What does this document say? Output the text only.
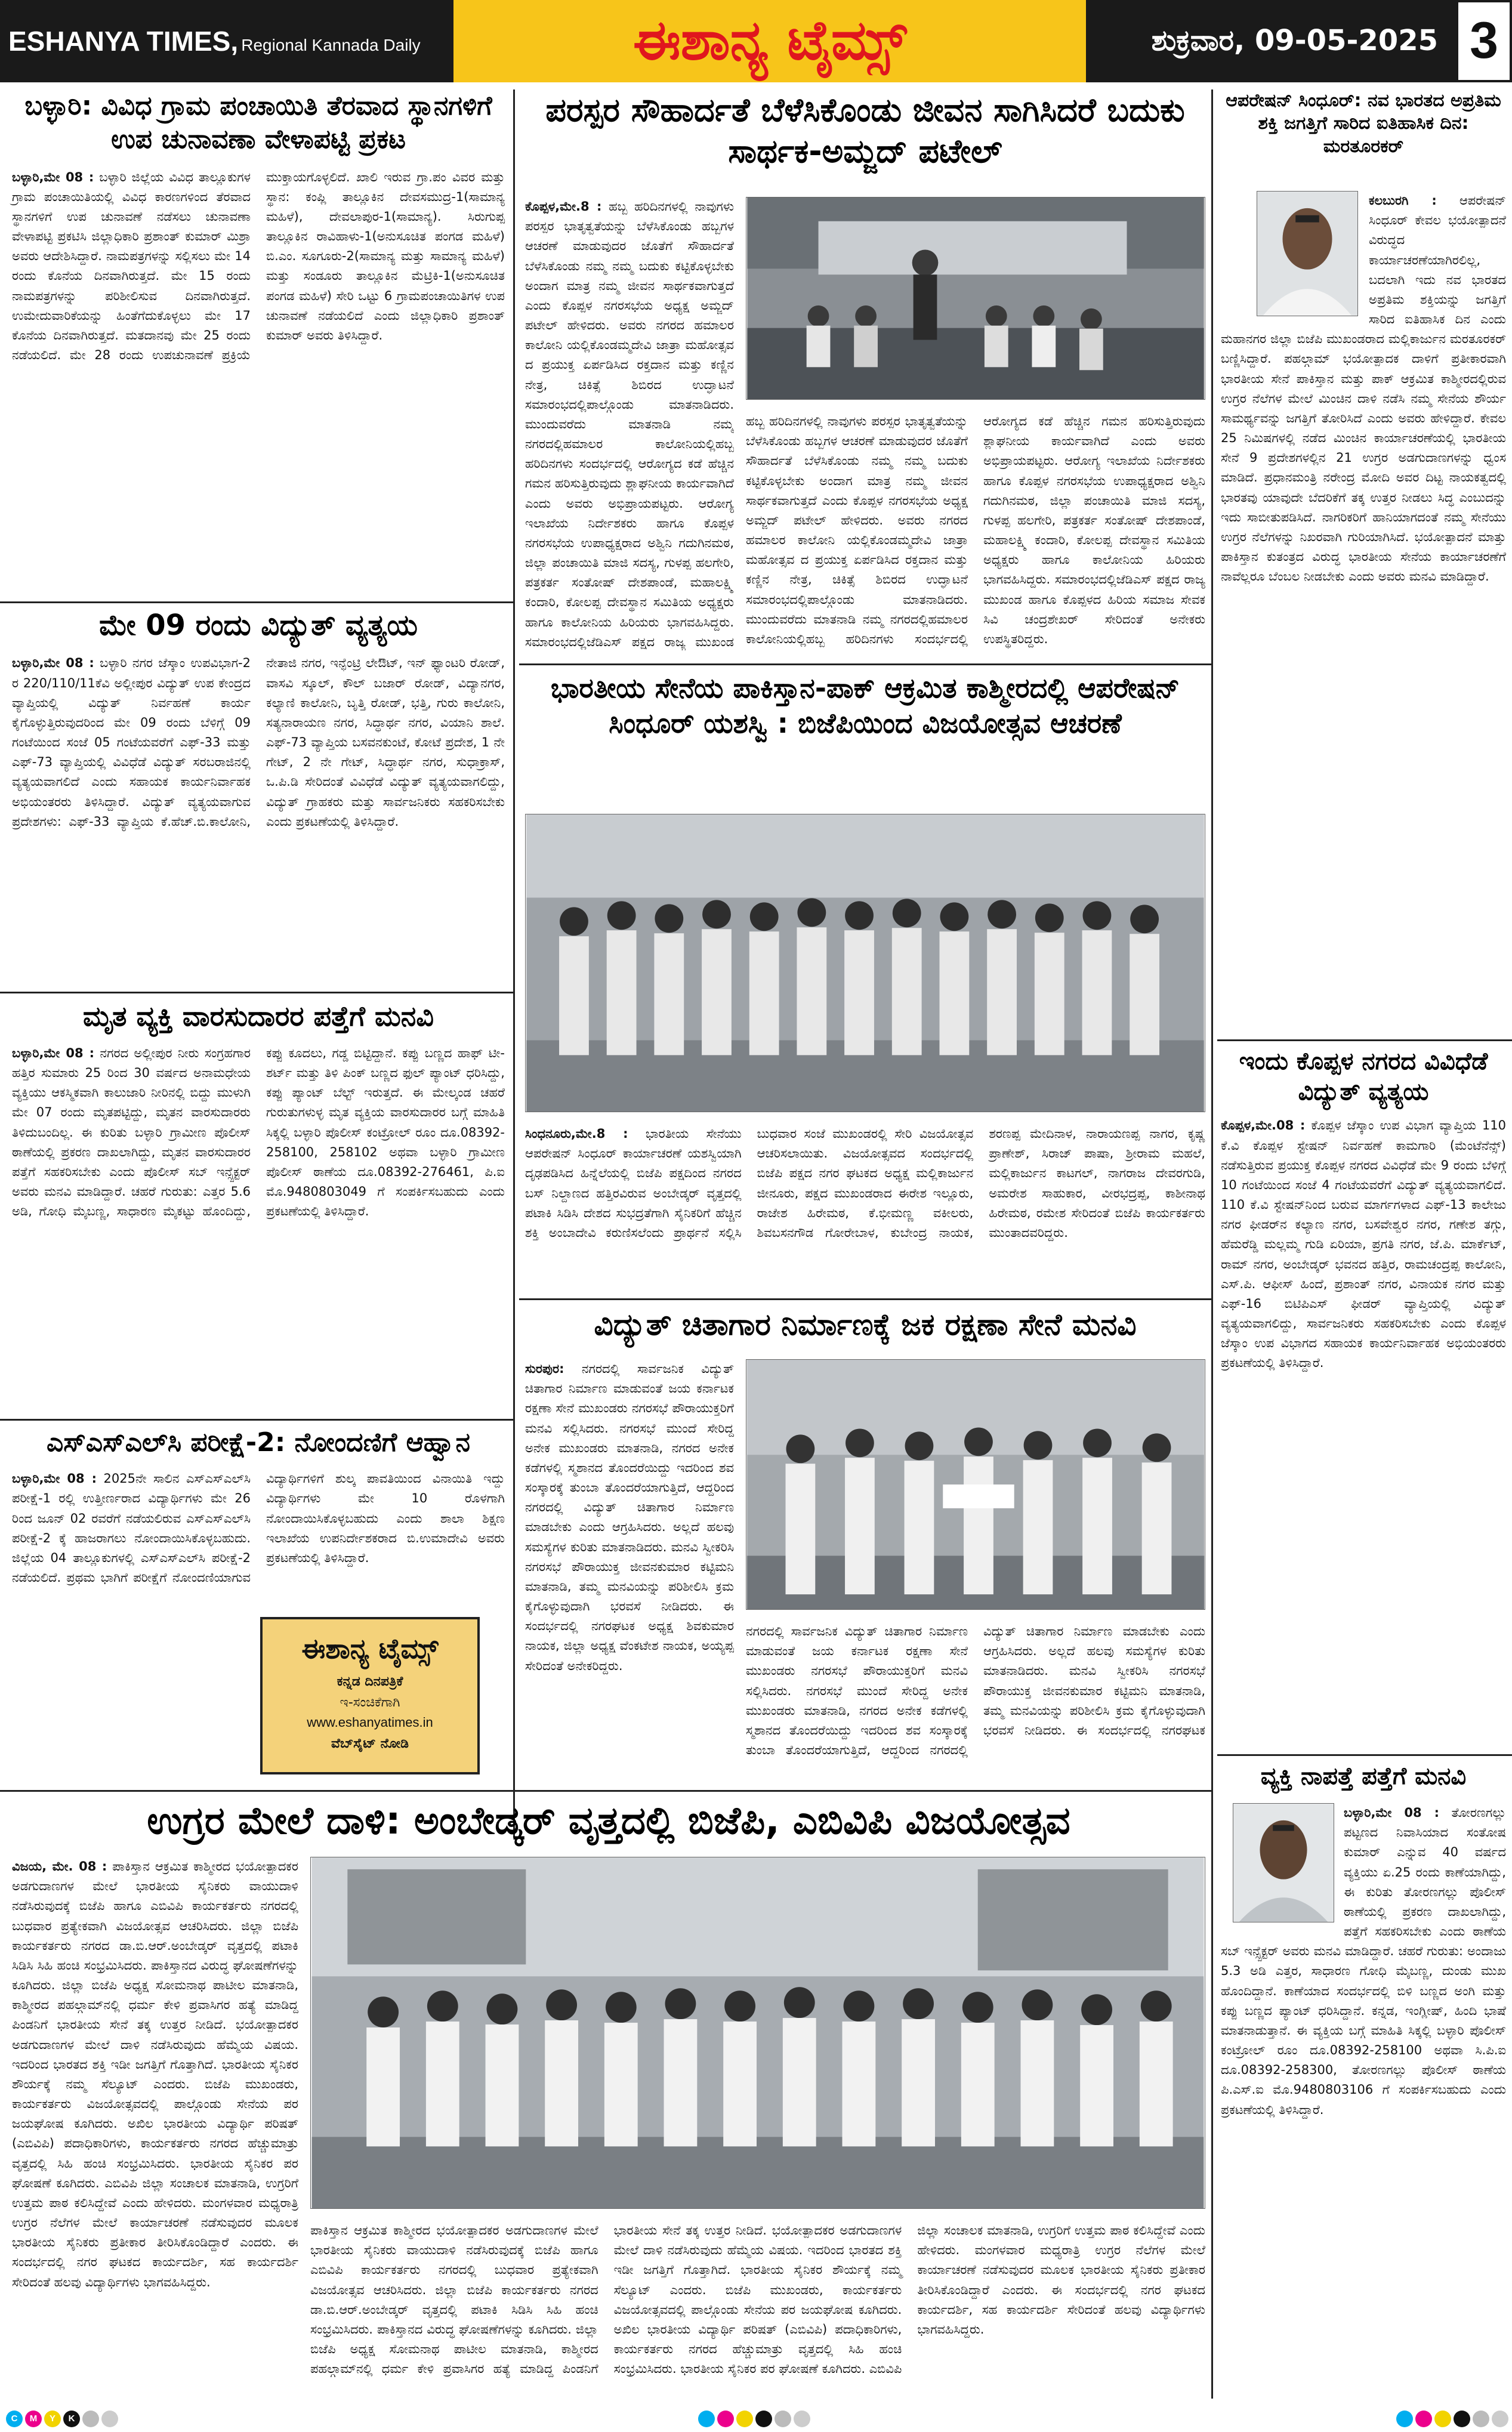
ESHANYA TIMES, Regional Kannada Daily	ಈಶಾನ್ಯ ಟೈಮ್ಸ್	ಶುಕ್ರವಾರ, 09-05-2025 3
ಬಳ್ಳಾರಿ: ವಿವಿಧ ಗ್ರಾಮ ಪಂಚಾಯಿತಿ ತೆರವಾದ ಸ್ಥಾನಗಳಿಗೆ ಉಪ ಚುನಾವಣಾ ವೇಳಾಪಟ್ಟಿ ಪ್ರಕಟ
ಬಳ್ಳಾರಿ,ಮೇ 08 : ಬಳ್ಳಾರಿ ಜಿಲ್ಲೆಯ ವಿವಿಧ ತಾಲ್ಲೂಕುಗಳ ಗ್ರಾಮ ಪಂಚಾಯಿತಿಯಲ್ಲಿ ವಿವಿಧ ಕಾರಣಗಳಿಂದ ತೆರವಾದ ಸ್ಥಾನಗಳಿಗೆ ಉಪ ಚುನಾವಣೆ ನಡೆಸಲು ಚುನಾವಣಾ ವೇಳಾಪಟ್ಟಿ ಪ್ರಕಟಿಸಿ ಜಿಲ್ಲಾಧಿಕಾರಿ ಪ್ರಶಾಂತ್ ಕುಮಾರ್ ಮಿಶ್ರಾ ಅವರು ಆದೇಶಿಸಿದ್ದಾರೆ. ನಾಮಪತ್ರಗಳನ್ನು ಸಲ್ಲಿಸಲು ಮೇ 14 ರಂದು ಕೊನೆಯ ದಿನವಾಗಿರುತ್ತದೆ. ಮೇ 15 ರಂದು ನಾಮಪತ್ರಗಳನ್ನು ಪರಿಶೀಲಿಸುವ ದಿನವಾಗಿರುತ್ತದೆ. ಉಮೇದುವಾರಿಕೆಯನ್ನು ಹಿಂತೆಗೆದುಕೊಳ್ಳಲು ಮೇ 17 ಕೊನೆಯ ದಿನವಾಗಿರುತ್ತದೆ. ಮತದಾನವು ಮೇ 25 ರಂದು ನಡೆಯಲಿದೆ. ಮೇ 28 ರಂದು ಉಪಚುನಾವಣೆ ಪ್ರಕ್ರಿಯೆ ಮುಕ್ತಾಯಗೊಳ್ಳಲಿದೆ. ಖಾಲಿ ಇರುವ ಗ್ರಾ.ಪಂ ವಿವರ ಮತ್ತು ಸ್ಥಾನ: ಕಂಪ್ಲಿ ತಾಲ್ಲೂಕಿನ ದೇವಸಮುದ್ರ-1(ಸಾಮಾನ್ಯ ಮಹಿಳೆ), ದೇವಲಾಪುರ-1(ಸಾಮಾನ್ಯ). ಸಿರುಗುಪ್ಪ ತಾಲ್ಲೂಕಿನ ರಾವಿಹಾಳು-1(ಅನುಸೂಚಿತ ಪಂಗಡ ಮಹಿಳೆ) ಬಿ.ಎಂ. ಸೂಗೂರು-2(ಸಾಮಾನ್ಯ ಮತ್ತು ಸಾಮಾನ್ಯ ಮಹಿಳೆ) ಮತ್ತು ಸಂಡೂರು ತಾಲ್ಲೂಕಿನ ಮೆಟ್ರಿಕಿ-1(ಅನುಸೂಚಿತ ಪಂಗಡ ಮಹಿಳೆ) ಸೇರಿ ಒಟ್ಟು 6 ಗ್ರಾಮಪಂಚಾಯಿತಿಗಳ ಉಪ ಚುನಾವಣೆ ನಡೆಯಲಿದೆ ಎಂದು ಜಿಲ್ಲಾಧಿಕಾರಿ ಪ್ರಶಾಂತ್ ಕುಮಾರ್ ಅವರು ತಿಳಿಸಿದ್ದಾರೆ.
ಮೇ 09 ರಂದು ವಿದ್ಯುತ್ ವ್ಯತ್ಯಯ
ಬಳ್ಳಾರಿ,ಮೇ 08 : ಬಳ್ಳಾರಿ ನಗರ ಜೆಸ್ಕಾಂ ಉಪವಿಭಾಗ-2 ರ 220/110/11ಕೆವಿ ಅಲ್ಲೀಪುರ ವಿದ್ಯುತ್ ಉಪ ಕೇಂದ್ರದ ವ್ಯಾಪ್ತಿಯಲ್ಲಿ ವಿದ್ಯುತ್ ನಿರ್ವಹಣೆ ಕಾರ್ಯ ಕೈಗೊಳ್ಳುತ್ತಿರುವುದರಿಂದ ಮೇ 09 ರಂದು ಬೆಳಿಗ್ಗೆ 09 ಗಂಟೆಯಿಂದ ಸಂಜೆ 05 ಗಂಟೆಯವರೆಗೆ ಎಫ್-33 ಮತ್ತು ಎಫ್-73 ವ್ಯಾಪ್ತಿಯಲ್ಲಿ ವಿವಿಧೆಡೆ ವಿದ್ಯುತ್ ಸರಬರಾಜಿನಲ್ಲಿ ವ್ಯತ್ಯಯವಾಗಲಿದೆ ಎಂದು ಸಹಾಯಕ ಕಾರ್ಯನಿರ್ವಾಹಕ ಅಭಿಯಂತರರು ತಿಳಿಸಿದ್ದಾರೆ. ವಿದ್ಯುತ್ ವ್ಯತ್ಯಯವಾಗುವ ಪ್ರದೇಶಗಳು: ಎಫ್-33 ವ್ಯಾಪ್ತಿಯ ಕೆ.ಹೆಚ್.ಬಿ.ಕಾಲೋನಿ, ನೇತಾಜಿ ನಗರ, ಇನ್ಫೆಂಟ್ರಿ ಲೇಔಟ್, ಇನ್ ಫ್ಯಾಂಟರಿ ರೋಡ್, ವಾಸವಿ ಸ್ಕೂಲ್, ಕೌಲ್ ಬಜಾರ್ ರೋಡ್, ವಿದ್ಯಾನಗರ, ಕಲ್ಯಾಣಿ ಕಾಲೋನಿ, ಬೃತ್ತಿ ರೋಡ್, ಭತ್ತಿ, ಗುರು ಕಾಲೋನಿ, ಸತ್ಯನಾರಾಯಣ ನಗರ, ಸಿದ್ಧಾರ್ಥ ನಗರ, ವಿಯಾನಿ ಶಾಲೆ. ಎಫ್-73 ವ್ಯಾಪ್ತಿಯ ಬಸವನಕುಂಟೆ, ಕೋಟೆ ಪ್ರದೇಶ, 1 ನೇ ಗೇಟ್, 2 ನೇ ಗೇಟ್, ಸಿದ್ಧಾರ್ಥ ನಗರ, ಸುಧಾಕ್ರಾಸ್, ಒ.ಪಿ.ಡಿ ಸೇರಿದಂತೆ ವಿವಿಧೆಡೆ ವಿದ್ಯುತ್ ವ್ಯತ್ಯಯವಾಗಲಿದ್ದು, ವಿದ್ಯುತ್ ಗ್ರಾಹಕರು ಮತ್ತು ಸಾರ್ವಜನಿಕರು ಸಹಕರಿಸಬೇಕು ಎಂದು ಪ್ರಕಟಣೆಯಲ್ಲಿ ತಿಳಿಸಿದ್ದಾರೆ.
ಮೃತ ವ್ಯಕ್ತಿ ವಾರಸುದಾರರ ಪತ್ತೆಗೆ ಮನವಿ
ಬಳ್ಳಾರಿ,ಮೇ 08 : ನಗರದ ಅಲ್ಲೀಪುರ ನೀರು ಸಂಗ್ರಹಗಾರ ಹತ್ತಿರ ಸುಮಾರು 25 ರಿಂದ 30 ವರ್ಷದ ಅನಾಮಧೇಯ ವ್ಯಕ್ತಿಯು ಆಕಸ್ಮಿಕವಾಗಿ ಕಾಲುಜಾರಿ ನೀರಿನಲ್ಲಿ ಬಿದ್ದು ಮುಳುಗಿ ಮೇ 07 ರಂದು ಮೃತಪಟ್ಟಿದ್ದು, ಮೃತನ ವಾರಸುದಾರರು ತಿಳಿದುಬಂದಿಲ್ಲ. ಈ ಕುರಿತು ಬಳ್ಳಾರಿ ಗ್ರಾಮೀಣ ಪೊಲೀಸ್ ಠಾಣೆಯಲ್ಲಿ ಪ್ರಕರಣ ದಾಖಲಾಗಿದ್ದು, ಮೃತನ ವಾರಸುದಾರರ ಪತ್ತೆಗೆ ಸಹಕರಿಸಬೇಕು ಎಂದು ಪೊಲೀಸ್ ಸಬ್ ಇನ್ಸ್ಪೆಕ್ಟರ್ ಅವರು ಮನವಿ ಮಾಡಿದ್ದಾರೆ. ಚಹರೆ ಗುರುತು: ಎತ್ತರ 5.6 ಅಡಿ, ಗೋಧಿ ಮೈಬಣ್ಣ, ಸಾಧಾರಣ ಮೈಕಟ್ಟು ಹೊಂದಿದ್ದು, ಕಪ್ಪು ಕೂದಲು, ಗಡ್ಡ ಬಿಟ್ಟಿದ್ದಾನೆ. ಕಪ್ಪು ಬಣ್ಣದ ಹಾಫ್ ಟೀ-ಶರ್ಟ್ ಮತ್ತು ತಿಳಿ ಪಿಂಕ್ ಬಣ್ಣದ ಫುಲ್ ಪ್ಯಾಂಟ್ ಧರಿಸಿದ್ದು, ಕಪ್ಪು ಪ್ಯಾಂಟ್ ಬೆಲ್ಟ್ ಇರುತ್ತದೆ. ಈ ಮೇಲ್ಕಂಡ ಚಹರೆ ಗುರುತುಗಳುಳ್ಳ ಮೃತ ವ್ಯಕ್ತಿಯ ವಾರಸುದಾರರ ಬಗ್ಗೆ ಮಾಹಿತಿ ಸಿಕ್ಕಲ್ಲಿ ಬಳ್ಳಾರಿ ಪೊಲೀಸ್ ಕಂಟ್ರೋಲ್ ರೂಂ ದೂ.08392-258100, 258102 ಅಥವಾ ಬಳ್ಳಾರಿ ಗ್ರಾಮೀಣ ಪೊಲೀಸ್ ಠಾಣೆಯ ದೂ.08392-276461, ಪಿ.ಐ ಮೊ.9480803049 ಗೆ ಸಂಪರ್ಕಿಸಬಹುದು ಎಂದು ಪ್ರಕಟಣೆಯಲ್ಲಿ ತಿಳಿಸಿದ್ದಾರೆ.
ಎಸ್‌ಎಸ್‌ಎಲ್‌ಸಿ ಪರೀಕ್ಷೆ-2: ನೋಂದಣಿಗೆ ಆಹ್ವಾನ
ಬಳ್ಳಾರಿ,ಮೇ 08 : 2025ನೇ ಸಾಲಿನ ಎಸ್‌ಎಸ್‌ಎಲ್‌ಸಿ ಪರೀಕ್ಷೆ-1 ರಲ್ಲಿ ಉತ್ತೀರ್ಣರಾದ ವಿದ್ಯಾರ್ಥಿಗಳು ಮೇ 26 ರಿಂದ ಜೂನ್ 02 ರವರೆಗೆ ನಡೆಯಲಿರುವ ಎಸ್‌ಎಸ್‌ಎಲ್‌ಸಿ ಪರೀಕ್ಷೆ-2 ಕ್ಕೆ ಹಾಜರಾಗಲು ನೋಂದಾಯಿಸಿಕೊಳ್ಳಬಹುದು. ಜಿಲ್ಲೆಯ 04 ತಾಲ್ಲೂಕುಗಳಲ್ಲಿ ಎಸ್‌ಎಸ್‌ಎಲ್‌ಸಿ ಪರೀಕ್ಷೆ-2 ನಡೆಯಲಿದೆ. ಪ್ರಥಮ ಭಾಗಿಗೆ ಪರೀಕ್ಷೆಗೆ ನೋಂದಣಿಯಾಗುವ ವಿದ್ಯಾರ್ಥಿಗಳಿಗೆ ಶುಲ್ಕ ಪಾವತಿಯಿಂದ ವಿನಾಯಿತಿ ಇದ್ದು ವಿದ್ಯಾರ್ಥಿಗಳು ಮೇ 10 ರೊಳಗಾಗಿ ನೋಂದಾಯಿಸಿಕೊಳ್ಳಬಹುದು ಎಂದು ಶಾಲಾ ಶಿಕ್ಷಣ ಇಲಾಖೆಯ ಉಪನಿರ್ದೇಶಕರಾದ ಬಿ.ಉಮಾದೇವಿ ಅವರು ಪ್ರಕಟಣೆಯಲ್ಲಿ ತಿಳಿಸಿದ್ದಾರೆ.
ಈಶಾನ್ಯ ಟೈಮ್ಸ್
ಕನ್ನಡ ದಿನಪತ್ರಿಕೆ
ಇ-ಸಂಚಿಕೆಗಾಗಿ
www.eshanyatimes.in
ವೆಬ್‌ಸೈಟ್ ನೋಡಿ
ಪರಸ್ಪರ ಸೌಹಾರ್ದತೆ ಬೆಳೆಸಿಕೊಂಡು ಜೀವನ ಸಾಗಿಸಿದರೆ ಬದುಕು ಸಾರ್ಥಕ-ಅಮ್ಜದ್ ಪಟೇಲ್
ಕೊಪ್ಪಳ,ಮೇ.8 : ಹಬ್ಬ ಹರಿದಿನಗಳಲ್ಲಿ ನಾವುಗಳು ಪರಸ್ಪರ ಭಾತೃತ್ವತೆಯನ್ನು ಬೆಳೆಸಿಕೊಂಡು ಹಬ್ಬಗಳ ಆಚರಣೆ ಮಾಡುವುದರ ಜೊತೆಗೆ ಸೌಹಾರ್ದತೆ ಬೆಳೆಸಿಕೊಂಡು ನಮ್ಮ ನಮ್ಮ ಬದುಕು ಕಟ್ಟಿಕೊಳ್ಳಬೇಕು ಅಂದಾಗ ಮಾತ್ರ ನಮ್ಮ ಜೀವನ ಸಾರ್ಥಕವಾಗುತ್ತದೆ ಎಂದು ಕೊಪ್ಪಳ ನಗರಸಭೆಯ ಅಧ್ಯಕ್ಷ ಅಮ್ಜದ್ ಪಟೇಲ್ ಹೇಳಿದರು. ಅವರು ನಗರದ ಹಮಾಲರ ಕಾಲೋನಿ ಯಲ್ಲಿಕೊಂಡಮ್ಮದೇವಿ ಜಾತ್ರಾ ಮಹೋತ್ಸವ ದ ಪ್ರಯುಕ್ತ ಏರ್ಪಡಿಸಿದ ರಕ್ತದಾನ ಮತ್ತು ಕಣ್ಣಿನ ನೇತ್ರ, ಚಿಕಿತ್ಸೆ ಶಿಬಿರದ ಉದ್ಘಾಟನೆ ಸಮಾರಂಭದಲ್ಲಿಪಾಲ್ಗೊಂಡು ಮಾತನಾಡಿದರು. ಮುಂದುವರೆದು ಮಾತನಾಡಿ ನಮ್ಮ ನಗರದಲ್ಲಿಹಮಾಲರ ಕಾಲೋನಿಯಲ್ಲಿಹಬ್ಬ ಹರಿದಿನಗಳು ಸಂದರ್ಭದಲ್ಲಿ ಆರೋಗ್ಯದ ಕಡೆ ಹೆಚ್ಚಿನ ಗಮನ ಹರಿಸುತ್ತಿರುವುದು ಶ್ಲಾಘನೀಯ ಕಾರ್ಯವಾಗಿದೆ ಎಂದು ಅವರು ಅಭಿಪ್ರಾಯಪಟ್ಟರು. ಆರೋಗ್ಯ ಇಲಾಖೆಯ ನಿರ್ದೇಶಕರು ಹಾಗೂ ಕೊಪ್ಪಳ ನಗರಸಭೆಯ ಉಪಾಧ್ಯಕ್ಷರಾದ ಅಶ್ವಿನಿ ಗದುಗಿನಮಠ, ಜಿಲ್ಲಾ ಪಂಚಾಯಿತಿ ಮಾಜಿ ಸದಸ್ಯ, ಗುಳಪ್ಪ ಹಲಗೇರಿ, ಪತ್ರಕರ್ತ ಸಂತೋಷ್ ದೇಶಪಾಂಡೆ, ಮಹಾಲಕ್ಷ್ಮಿ ಕಂದಾರಿ, ಕೋಲಪ್ಪ ದೇವಸ್ಥಾನ ಸಮಿತಿಯ ಅಧ್ಯಕ್ಷರು ಹಾಗೂ ಕಾಲೋನಿಯ ಹಿರಿಯರು ಭಾಗವಹಿಸಿದ್ದರು. ಸಮಾರಂಭದಲ್ಲಿಜೆಡಿಎಸ್ ಪಕ್ಷದ ರಾಜ್ಯ ಮುಖಂಡ
ಹಬ್ಬ ಹರಿದಿನಗಳಲ್ಲಿ ನಾವುಗಳು ಪರಸ್ಪರ ಭಾತೃತ್ವತೆಯನ್ನು ಬೆಳೆಸಿಕೊಂಡು ಹಬ್ಬಗಳ ಆಚರಣೆ ಮಾಡುವುದರ ಜೊತೆಗೆ ಸೌಹಾರ್ದತೆ ಬೆಳೆಸಿಕೊಂಡು ನಮ್ಮ ನಮ್ಮ ಬದುಕು ಕಟ್ಟಿಕೊಳ್ಳಬೇಕು ಅಂದಾಗ ಮಾತ್ರ ನಮ್ಮ ಜೀವನ ಸಾರ್ಥಕವಾಗುತ್ತದೆ ಎಂದು ಕೊಪ್ಪಳ ನಗರಸಭೆಯ ಅಧ್ಯಕ್ಷ ಅಮ್ಜದ್ ಪಟೇಲ್ ಹೇಳಿದರು. ಅವರು ನಗರದ ಹಮಾಲರ ಕಾಲೋನಿ ಯಲ್ಲಿಕೊಂಡಮ್ಮದೇವಿ ಜಾತ್ರಾ ಮಹೋತ್ಸವ ದ ಪ್ರಯುಕ್ತ ಏರ್ಪಡಿಸಿದ ರಕ್ತದಾನ ಮತ್ತು ಕಣ್ಣಿನ ನೇತ್ರ, ಚಿಕಿತ್ಸೆ ಶಿಬಿರದ ಉದ್ಘಾಟನೆ ಸಮಾರಂಭದಲ್ಲಿಪಾಲ್ಗೊಂಡು ಮಾತನಾಡಿದರು. ಮುಂದುವರೆದು ಮಾತನಾಡಿ ನಮ್ಮ ನಗರದಲ್ಲಿಹಮಾಲರ ಕಾಲೋನಿಯಲ್ಲಿಹಬ್ಬ ಹರಿದಿನಗಳು ಸಂದರ್ಭದಲ್ಲಿ ಆರೋಗ್ಯದ ಕಡೆ ಹೆಚ್ಚಿನ ಗಮನ ಹರಿಸುತ್ತಿರುವುದು ಶ್ಲಾಘನೀಯ ಕಾರ್ಯವಾಗಿದೆ ಎಂದು ಅವರು ಅಭಿಪ್ರಾಯಪಟ್ಟರು. ಆರೋಗ್ಯ ಇಲಾಖೆಯ ನಿರ್ದೇಶಕರು ಹಾಗೂ ಕೊಪ್ಪಳ ನಗರಸಭೆಯ ಉಪಾಧ್ಯಕ್ಷರಾದ ಅಶ್ವಿನಿ ಗದುಗಿನಮಠ, ಜಿಲ್ಲಾ ಪಂಚಾಯಿತಿ ಮಾಜಿ ಸದಸ್ಯ, ಗುಳಪ್ಪ ಹಲಗೇರಿ, ಪತ್ರಕರ್ತ ಸಂತೋಷ್ ದೇಶಪಾಂಡೆ, ಮಹಾಲಕ್ಷ್ಮಿ ಕಂದಾರಿ, ಕೋಲಪ್ಪ ದೇವಸ್ಥಾನ ಸಮಿತಿಯ ಅಧ್ಯಕ್ಷರು ಹಾಗೂ ಕಾಲೋನಿಯ ಹಿರಿಯರು ಭಾಗವಹಿಸಿದ್ದರು. ಸಮಾರಂಭದಲ್ಲಿಜೆಡಿಎಸ್ ಪಕ್ಷದ ರಾಜ್ಯ ಮುಖಂಡ ಹಾಗೂ ಕೊಪ್ಪಳದ ಹಿರಿಯ ಸಮಾಜ ಸೇವಕ ಸಿವಿ ಚಂದ್ರಶೇಖರ್ ಸೇರಿದಂತೆ ಅನೇಕರು ಉಪಸ್ಥಿತರಿದ್ದರು.
ಭಾರತೀಯ ಸೇನೆಯ ಪಾಕಿಸ್ತಾನ-ಪಾಕ್ ಆಕ್ರಮಿತ ಕಾಶ್ಮೀರದಲ್ಲಿ ಆಪರೇಷನ್ ಸಿಂಧೂರ್ ಯಶಸ್ವಿ : ಬಿಜೆಪಿಯಿಂದ ವಿಜಯೋತ್ಸವ ಆಚರಣೆ
ಸಿಂಧನೂರು,ಮೇ.8 : ಭಾರತೀಯ ಸೇನೆಯು ಆಪರೇಷನ್ ಸಿಂಧೂರ್ ಕಾರ್ಯಾಚರಣೆ ಯಶಸ್ವಿಯಾಗಿ ದೃಢಪಡಿಸಿದ ಹಿನ್ನೆಲೆಯಲ್ಲಿ ಬಿಜೆಪಿ ಪಕ್ಷದಿಂದ ನಗರದ ಬಸ್ ನಿಲ್ದಾಣದ ಹತ್ತಿರವಿರುವ ಅಂಬೇಡ್ಕರ್ ವೃತ್ತದಲ್ಲಿ ಪಟಾಕಿ ಸಿಡಿಸಿ ದೇಶದ ಸುಭದ್ರತೆಗಾಗಿ ಸೈನಿಕರಿಗೆ ಹೆಚ್ಚಿನ ಶಕ್ತಿ ಅಂಬಾದೇವಿ ಕರುಣಿಸಲೆಂದು ಪ್ರಾರ್ಥನೆ ಸಲ್ಲಿಸಿ ಬುಧವಾರ ಸಂಜೆ ಮುಖಂಡರಲ್ಲಿ ಸೇರಿ ವಿಜಯೋತ್ಸವ ಆಚರಿಸಲಾಯಿತು. ವಿಜಯೋತ್ಸವದ ಸಂದರ್ಭದಲ್ಲಿ ಬಿಜೆಪಿ ಪಕ್ಷದ ನಗರ ಘಟಕದ ಅಧ್ಯಕ್ಷ ಮಲ್ಲಿಕಾರ್ಜುನ ಜೀನೂರು, ಪಕ್ಷದ ಮುಖಂಡರಾದ ಈರೇಶ ಇಲ್ಲೂರು, ರಾಜೇಶ ಹಿರೇಮಠ, ಕೆ.ಭೀಮಣ್ಣ ವಕೀಲರು, ಶಿವಬಸನಗೌಡ ಗೋರೇಬಾಳ, ಕುಬೇಂದ್ರ ನಾಯಕ, ಶರಣಪ್ಪ ಮೇದಿನಾಳ, ನಾರಾಯಣಪ್ಪ ನಾಗರ, ಕೃಷ್ಣ ಪ್ರಾಣೇಶ್, ಸಿರಾಜ್ ಪಾಷಾ, ಶ್ರೀರಾಮ ಮಹಲೆ, ಮಲ್ಲಿಕಾರ್ಜುನ ಕಾಟಗಲ್, ನಾಗರಾಜ ದೇವರಗುಡಿ, ಅಮರೇಶ ಸಾಹುಕಾರ, ವೀರಭದ್ರಪ್ಪ, ಕಾಶೀನಾಥ ಹಿರೇಮಠ, ರಮೇಶ ಸೇರಿದಂತೆ ಬಿಜೆಪಿ ಕಾರ್ಯಕರ್ತರು ಮುಂತಾದವರಿದ್ದರು.
ವಿದ್ಯುತ್ ಚಿತಾಗಾರ ನಿರ್ಮಾಣಕ್ಕೆ ಜಕ ರಕ್ಷಣಾ ಸೇನೆ ಮನವಿ
ಸುರಪುರ: ನಗರದಲ್ಲಿ ಸಾರ್ವಜನಿಕ ವಿದ್ಯುತ್ ಚಿತಾಗಾರ ನಿರ್ಮಾಣ ಮಾಡುವಂತೆ ಜಯ ಕರ್ನಾಟಕ ರಕ್ಷಣಾ ಸೇನೆ ಮುಖಂಡರು ನಗರಸಭೆ ಪೌರಾಯುಕ್ತರಿಗೆ ಮನವಿ ಸಲ್ಲಿಸಿದರು. ನಗರಸಭೆ ಮುಂದೆ ಸೇರಿದ್ದ ಅನೇಕ ಮುಖಂಡರು ಮಾತನಾಡಿ, ನಗರದ ಅನೇಕ ಕಡೆಗಳಲ್ಲಿ ಸ್ಮಶಾನದ ತೊಂದರೆಯಿದ್ದು ಇದರಿಂದ ಶವ ಸಂಸ್ಕಾರಕ್ಕೆ ತುಂಬಾ ತೊಂದರೆಯಾಗುತ್ತಿದೆ, ಆದ್ದರಿಂದ ನಗರದಲ್ಲಿ ವಿದ್ಯುತ್ ಚಿತಾಗಾರ ನಿರ್ಮಾಣ ಮಾಡಬೇಕು ಎಂದು ಆಗ್ರಹಿಸಿದರು. ಅಲ್ಲದೆ ಹಲವು ಸಮಸ್ಯೆಗಳ ಕುರಿತು ಮಾತನಾಡಿದರು. ಮನವಿ ಸ್ವೀಕರಿಸಿ ನಗರಸಭೆ ಪೌರಾಯುಕ್ತ ಜೀವನಕುಮಾರ ಕಟ್ಟಿಮನಿ ಮಾತನಾಡಿ, ತಮ್ಮ ಮನವಿಯನ್ನು ಪರಿಶೀಲಿಸಿ ಕ್ರಮ ಕೈಗೊಳ್ಳುವುದಾಗಿ ಭರವಸೆ ನೀಡಿದರು. ಈ ಸಂದರ್ಭದಲ್ಲಿ ನಗರಘಟಕ ಅಧ್ಯಕ್ಷ ಶಿವಕುಮಾರ ನಾಯಕ, ಜಿಲ್ಲಾ ಅಧ್ಯಕ್ಷ ವೆಂಕಟೇಶ ನಾಯಕ, ಅಯ್ಯಪ್ಪ ಸೇರಿದಂತೆ ಅನೇಕರಿದ್ದರು.
ನಗರದಲ್ಲಿ ಸಾರ್ವಜನಿಕ ವಿದ್ಯುತ್ ಚಿತಾಗಾರ ನಿರ್ಮಾಣ ಮಾಡುವಂತೆ ಜಯ ಕರ್ನಾಟಕ ರಕ್ಷಣಾ ಸೇನೆ ಮುಖಂಡರು ನಗರಸಭೆ ಪೌರಾಯುಕ್ತರಿಗೆ ಮನವಿ ಸಲ್ಲಿಸಿದರು. ನಗರಸಭೆ ಮುಂದೆ ಸೇರಿದ್ದ ಅನೇಕ ಮುಖಂಡರು ಮಾತನಾಡಿ, ನಗರದ ಅನೇಕ ಕಡೆಗಳಲ್ಲಿ ಸ್ಮಶಾನದ ತೊಂದರೆಯಿದ್ದು ಇದರಿಂದ ಶವ ಸಂಸ್ಕಾರಕ್ಕೆ ತುಂಬಾ ತೊಂದರೆಯಾಗುತ್ತಿದೆ, ಆದ್ದರಿಂದ ನಗರದಲ್ಲಿ ವಿದ್ಯುತ್ ಚಿತಾಗಾರ ನಿರ್ಮಾಣ ಮಾಡಬೇಕು ಎಂದು ಆಗ್ರಹಿಸಿದರು. ಅಲ್ಲದೆ ಹಲವು ಸಮಸ್ಯೆಗಳ ಕುರಿತು ಮಾತನಾಡಿದರು. ಮನವಿ ಸ್ವೀಕರಿಸಿ ನಗರಸಭೆ ಪೌರಾಯುಕ್ತ ಜೀವನಕುಮಾರ ಕಟ್ಟಿಮನಿ ಮಾತನಾಡಿ, ತಮ್ಮ ಮನವಿಯನ್ನು ಪರಿಶೀಲಿಸಿ ಕ್ರಮ ಕೈಗೊಳ್ಳುವುದಾಗಿ ಭರವಸೆ ನೀಡಿದರು. ಈ ಸಂದರ್ಭದಲ್ಲಿ ನಗರಘಟಕ
ಉಗ್ರರ ಮೇಲೆ ದಾಳಿ: ಅಂಬೇಡ್ಕರ್ ವೃತ್ತದಲ್ಲಿ ಬಿಜೆಪಿ, ಎಬಿವಿಪಿ ವಿಜಯೋತ್ಸವ
ವಿಜಯ, ಮೇ. 08 : ಪಾಕಿಸ್ತಾನ ಆಕ್ರಮಿತ ಕಾಶ್ಮೀರದ ಭಯೋತ್ಪಾದಕರ ಅಡಗುದಾಣಗಳ ಮೇಲೆ ಭಾರತೀಯ ಸೈನಿಕರು ವಾಯುದಾಳಿ ನಡೆಸಿರುವುದಕ್ಕೆ ಬಿಜೆಪಿ ಹಾಗೂ ಎಬಿವಿಪಿ ಕಾರ್ಯಕರ್ತರು ನಗರದಲ್ಲಿ ಬುಧವಾರ ಪ್ರತ್ಯೇಕವಾಗಿ ವಿಜಯೋತ್ಸವ ಆಚರಿಸಿದರು. ಜಿಲ್ಲಾ ಬಿಜೆಪಿ ಕಾರ್ಯಕರ್ತರು ನಗರದ ಡಾ.ಬಿ.ಆರ್.ಅಂಬೇಡ್ಕರ್ ವೃತ್ತದಲ್ಲಿ ಪಟಾಕಿ ಸಿಡಿಸಿ ಸಿಹಿ ಹಂಚಿ ಸಂಭ್ರಮಿಸಿದರು. ಪಾಕಿಸ್ತಾನದ ವಿರುದ್ಧ ಘೋಷಣೆಗಳನ್ನು ಕೂಗಿದರು. ಜಿಲ್ಲಾ ಬಿಜೆಪಿ ಅಧ್ಯಕ್ಷ ಸೋಮನಾಥ ಪಾಟೀಲ ಮಾತನಾಡಿ, ಕಾಶ್ಮೀರದ ಪಹಲ್ಗಾಮ್‌ನಲ್ಲಿ ಧರ್ಮ ಕೇಳಿ ಪ್ರವಾಸಿಗರ ಹತ್ಯೆ ಮಾಡಿದ್ದ ಪಿಂಡನಿಗೆ ಭಾರತೀಯ ಸೇನೆ ತಕ್ಕ ಉತ್ತರ ನೀಡಿದೆ. ಭಯೋತ್ಪಾದಕರ ಅಡಗುದಾಣಗಳ ಮೇಲೆ ದಾಳಿ ನಡೆಸಿರುವುದು ಹೆಮ್ಮೆಯ ವಿಷಯ. ಇದರಿಂದ ಭಾರತದ ಶಕ್ತಿ ಇಡೀ ಜಗತ್ತಿಗೆ ಗೊತ್ತಾಗಿದೆ. ಭಾರತೀಯ ಸೈನಿಕರ ಶೌರ್ಯಕ್ಕೆ ನಮ್ಮ ಸೆಲ್ಯೂಟ್ ಎಂದರು. ಬಿಜೆಪಿ ಮುಖಂಡರು, ಕಾರ್ಯಕರ್ತರು ವಿಜಯೋತ್ಸವದಲ್ಲಿ ಪಾಲ್ಗೊಂಡು ಸೇನೆಯ ಪರ ಜಯಘೋಷ ಕೂಗಿದರು. ಅಖಿಲ ಭಾರತೀಯ ವಿದ್ಯಾರ್ಥಿ ಪರಿಷತ್ (ಎಬಿವಿಪಿ) ಪದಾಧಿಕಾರಿಗಳು, ಕಾರ್ಯಕರ್ತರು ನಗರದ ಹೆಚ್ಚುಮಾತ್ರು ವೃತ್ತದಲ್ಲಿ ಸಿಹಿ ಹಂಚಿ ಸಂಭ್ರಮಿಸಿದರು. ಭಾರತೀಯ ಸೈನಿಕರ ಪರ ಘೋಷಣೆ ಕೂಗಿದರು. ಎಬಿವಿಪಿ ಜಿಲ್ಲಾ ಸಂಚಾಲಕ ಮಾತನಾಡಿ, ಉಗ್ರರಿಗೆ ಉತ್ತಮ ಪಾಠ ಕಲಿಸಿದ್ದೇವೆ ಎಂದು ಹೇಳಿದರು. ಮಂಗಳವಾರ ಮಧ್ಯರಾತ್ರಿ ಉಗ್ರರ ನೆಲೆಗಳ ಮೇಲೆ ಕಾರ್ಯಾಚರಣೆ ನಡೆಸುವುದರ ಮೂಲಕ ಭಾರತೀಯ ಸೈನಿಕರು ಪ್ರತೀಕಾರ ತೀರಿಸಿಕೊಂಡಿದ್ದಾರೆ ಎಂದರು. ಈ ಸಂದರ್ಭದಲ್ಲಿ ನಗರ ಘಟಕದ ಕಾರ್ಯದರ್ಶಿ, ಸಹ ಕಾರ್ಯದರ್ಶಿ ಸೇರಿದಂತೆ ಹಲವು ವಿದ್ಯಾರ್ಥಿಗಳು ಭಾಗವಹಿಸಿದ್ದರು.
ಪಾಕಿಸ್ತಾನ ಆಕ್ರಮಿತ ಕಾಶ್ಮೀರದ ಭಯೋತ್ಪಾದಕರ ಅಡಗುದಾಣಗಳ ಮೇಲೆ ಭಾರತೀಯ ಸೈನಿಕರು ವಾಯುದಾಳಿ ನಡೆಸಿರುವುದಕ್ಕೆ ಬಿಜೆಪಿ ಹಾಗೂ ಎಬಿವಿಪಿ ಕಾರ್ಯಕರ್ತರು ನಗರದಲ್ಲಿ ಬುಧವಾರ ಪ್ರತ್ಯೇಕವಾಗಿ ವಿಜಯೋತ್ಸವ ಆಚರಿಸಿದರು. ಜಿಲ್ಲಾ ಬಿಜೆಪಿ ಕಾರ್ಯಕರ್ತರು ನಗರದ ಡಾ.ಬಿ.ಆರ್.ಅಂಬೇಡ್ಕರ್ ವೃತ್ತದಲ್ಲಿ ಪಟಾಕಿ ಸಿಡಿಸಿ ಸಿಹಿ ಹಂಚಿ ಸಂಭ್ರಮಿಸಿದರು. ಪಾಕಿಸ್ತಾನದ ವಿರುದ್ಧ ಘೋಷಣೆಗಳನ್ನು ಕೂಗಿದರು. ಜಿಲ್ಲಾ ಬಿಜೆಪಿ ಅಧ್ಯಕ್ಷ ಸೋಮನಾಥ ಪಾಟೀಲ ಮಾತನಾಡಿ, ಕಾಶ್ಮೀರದ ಪಹಲ್ಗಾಮ್‌ನಲ್ಲಿ ಧರ್ಮ ಕೇಳಿ ಪ್ರವಾಸಿಗರ ಹತ್ಯೆ ಮಾಡಿದ್ದ ಪಿಂಡನಿಗೆ ಭಾರತೀಯ ಸೇನೆ ತಕ್ಕ ಉತ್ತರ ನೀಡಿದೆ. ಭಯೋತ್ಪಾದಕರ ಅಡಗುದಾಣಗಳ ಮೇಲೆ ದಾಳಿ ನಡೆಸಿರುವುದು ಹೆಮ್ಮೆಯ ವಿಷಯ. ಇದರಿಂದ ಭಾರತದ ಶಕ್ತಿ ಇಡೀ ಜಗತ್ತಿಗೆ ಗೊತ್ತಾಗಿದೆ. ಭಾರತೀಯ ಸೈನಿಕರ ಶೌರ್ಯಕ್ಕೆ ನಮ್ಮ ಸೆಲ್ಯೂಟ್ ಎಂದರು. ಬಿಜೆಪಿ ಮುಖಂಡರು, ಕಾರ್ಯಕರ್ತರು ವಿಜಯೋತ್ಸವದಲ್ಲಿ ಪಾಲ್ಗೊಂಡು ಸೇನೆಯ ಪರ ಜಯಘೋಷ ಕೂಗಿದರು. ಅಖಿಲ ಭಾರತೀಯ ವಿದ್ಯಾರ್ಥಿ ಪರಿಷತ್ (ಎಬಿವಿಪಿ) ಪದಾಧಿಕಾರಿಗಳು, ಕಾರ್ಯಕರ್ತರು ನಗರದ ಹೆಚ್ಚುಮಾತ್ರು ವೃತ್ತದಲ್ಲಿ ಸಿಹಿ ಹಂಚಿ ಸಂಭ್ರಮಿಸಿದರು. ಭಾರತೀಯ ಸೈನಿಕರ ಪರ ಘೋಷಣೆ ಕೂಗಿದರು. ಎಬಿವಿಪಿ ಜಿಲ್ಲಾ ಸಂಚಾಲಕ ಮಾತನಾಡಿ, ಉಗ್ರರಿಗೆ ಉತ್ತಮ ಪಾಠ ಕಲಿಸಿದ್ದೇವೆ ಎಂದು ಹೇಳಿದರು. ಮಂಗಳವಾರ ಮಧ್ಯರಾತ್ರಿ ಉಗ್ರರ ನೆಲೆಗಳ ಮೇಲೆ ಕಾರ್ಯಾಚರಣೆ ನಡೆಸುವುದರ ಮೂಲಕ ಭಾರತೀಯ ಸೈನಿಕರು ಪ್ರತೀಕಾರ ತೀರಿಸಿಕೊಂಡಿದ್ದಾರೆ ಎಂದರು. ಈ ಸಂದರ್ಭದಲ್ಲಿ ನಗರ ಘಟಕದ ಕಾರ್ಯದರ್ಶಿ, ಸಹ ಕಾರ್ಯದರ್ಶಿ ಸೇರಿದಂತೆ ಹಲವು ವಿದ್ಯಾರ್ಥಿಗಳು ಭಾಗವಹಿಸಿದ್ದರು.
ಆಪರೇಷನ್ ಸಿಂಧೂರ್: ನವ ಭಾರತದ ಅಪ್ರತಿಮ ಶಕ್ತಿ ಜಗತ್ತಿಗೆ ಸಾರಿದ ಐತಿಹಾಸಿಕ ದಿನ: ಮರತೂರಕರ್
ಕಲಬುರಗಿ : ಆಪರೇಷನ್ ಸಿಂಧೂರ್ ಕೇವಲ ಭಯೋತ್ಪಾದನೆ ವಿರುದ್ಧದ ಕಾರ್ಯಾಚರಣೆಯಾಗಿರಲಿಲ್ಲ, ಬದಲಾಗಿ ಇದು ನವ ಭಾರತದ ಅಪ್ರತಿಮ ಶಕ್ತಿಯನ್ನು ಜಗತ್ತಿಗೆ ಸಾರಿದ ಐತಿಹಾಸಿಕ ದಿನ ಎಂದು ಮಹಾನಗರ ಜಿಲ್ಲಾ ಬಿಜೆಪಿ ಮುಖಂಡರಾದ ಮಲ್ಲಿಕಾರ್ಜುನ ಮರತೂರಕರ್ ಬಣ್ಣಿಸಿದ್ದಾರೆ. ಪಹಲ್ಗಾಮ್ ಭಯೋತ್ಪಾದಕ ದಾಳಿಗೆ ಪ್ರತೀಕಾರವಾಗಿ ಭಾರತೀಯ ಸೇನೆ ಪಾಕಿಸ್ತಾನ ಮತ್ತು ಪಾಕ್ ಆಕ್ರಮಿತ ಕಾಶ್ಮೀರದಲ್ಲಿರುವ ಉಗ್ರರ ನೆಲೆಗಳ ಮೇಲೆ ಮಿಂಚಿನ ದಾಳಿ ನಡೆಸಿ ನಮ್ಮ ಸೇನೆಯ ಶೌರ್ಯ ಸಾಮರ್ಥ್ಯವನ್ನು ಜಗತ್ತಿಗೆ ತೋರಿಸಿದೆ ಎಂದು ಅವರು ಹೇಳಿದ್ದಾರೆ. ಕೇವಲ 25 ನಿಮಿಷಗಳಲ್ಲಿ ನಡೆದ ಮಿಂಚಿನ ಕಾರ್ಯಾಚರಣೆಯಲ್ಲಿ ಭಾರತೀಯ ಸೇನೆ 9 ಪ್ರದೇಶಗಳಲ್ಲಿನ 21 ಉಗ್ರರ ಅಡಗುದಾಣಗಳನ್ನು ಧ್ವಂಸ ಮಾಡಿದೆ. ಪ್ರಧಾನಮಂತ್ರಿ ನರೇಂದ್ರ ಮೋದಿ ಅವರ ದಿಟ್ಟ ನಾಯಕತ್ವದಲ್ಲಿ ಭಾರತವು ಯಾವುದೇ ಬೆದರಿಕೆಗೆ ತಕ್ಕ ಉತ್ತರ ನೀಡಲು ಸಿದ್ಧ ಎಂಬುದನ್ನು ಇದು ಸಾಬೀತುಪಡಿಸಿದೆ. ನಾಗರಿಕರಿಗೆ ಹಾನಿಯಾಗದಂತೆ ನಮ್ಮ ಸೇನೆಯು ಉಗ್ರರ ನೆಲೆಗಳನ್ನು ನಿಖರವಾಗಿ ಗುರಿಯಾಗಿಸಿದೆ. ಭಯೋತ್ಪಾದನೆ ಮಾತ್ತು ಪಾಕಿಸ್ತಾನ ಕುತಂತ್ರದ ವಿರುದ್ಧ ಭಾರತೀಯ ಸೇನೆಯ ಕಾರ್ಯಾಚರಣೆಗೆ ನಾವೆಲ್ಲರೂ ಬೆಂಬಲ ನೀಡಬೇಕು ಎಂದು ಅವರು ಮನವಿ ಮಾಡಿದ್ದಾರೆ.
ಇಂದು ಕೊಪ್ಪಳ ನಗರದ ವಿವಿಧೆಡೆ ವಿದ್ಯುತ್ ವ್ಯತ್ಯಯ
ಕೊಪ್ಪಳ,ಮೇ.08 : ಕೊಪ್ಪಳ ಜೆಸ್ಕಾಂ ಉಪ ವಿಭಾಗ ವ್ಯಾಪ್ತಿಯ 110 ಕೆ.ವಿ ಕೊಪ್ಪಳ ಸ್ಟೇಷನ್ ನಿರ್ವಹಣೆ ಕಾಮಗಾರಿ (ಮೆಂಟೆನೆನ್ಸ್) ನಡೆಸುತ್ತಿರುವ ಪ್ರಯುಕ್ತ ಕೊಪ್ಪಳ ನಗರದ ವಿವಿಧೆಡೆ ಮೇ 9 ರಂದು ಬೆಳಿಗ್ಗೆ 10 ಗಂಟೆಯಿಂದ ಸಂಜೆ 4 ಗಂಟೆಯವರೆಗೆ ವಿದ್ಯುತ್ ವ್ಯತ್ಯಯವಾಗಲಿದೆ. 110 ಕೆ.ವಿ ಸ್ಟೇಷನ್‌ನಿಂದ ಬರುವ ಮಾರ್ಗಗಳಾದ ಎಫ್-13 ಕಾಲೇಜು ನಗರ ಫೀಡರ್‌ನ ಕಲ್ಯಾಣ ನಗರ, ಬಸವೇಶ್ವರ ನಗರ, ಗಣೇಶ ತಗ್ಗು, ಹೆಮರೆಡ್ಡಿ ಮಲ್ಲಮ್ಮ ಗುಡಿ ಏರಿಯಾ, ಪ್ರಗತಿ ನಗರ, ಜೆ.ಪಿ. ಮಾರ್ಕೆಟ್, ರಾಮ್ ನಗರ, ಅಂಬೇಡ್ಕರ್ ಭವನದ ಹತ್ತಿರ, ರಾಮಚಂದ್ರಪ್ಪ ಕಾಲೋನಿ, ಎಸ್.ಪಿ. ಆಫೀಸ್ ಹಿಂದೆ, ಪ್ರಶಾಂತ್ ನಗರ, ವಿನಾಯಕ ನಗರ ಮತ್ತು ಎಫ್-16 ಬಿಟಿಪಿಎಸ್ ಫೀಡರ್ ವ್ಯಾಪ್ತಿಯಲ್ಲಿ ವಿದ್ಯುತ್ ವ್ಯತ್ಯಯವಾಗಲಿದ್ದು, ಸಾರ್ವಜನಿಕರು ಸಹಕರಿಸಬೇಕು ಎಂದು ಕೊಪ್ಪಳ ಜೆಸ್ಕಾಂ ಉಪ ವಿಭಾಗದ ಸಹಾಯಕ ಕಾರ್ಯನಿರ್ವಾಹಕ ಅಭಿಯಂತರರು ಪ್ರಕಟಣೆಯಲ್ಲಿ ತಿಳಿಸಿದ್ದಾರೆ.
ವ್ಯಕ್ತಿ ನಾಪತ್ತೆ ಪತ್ತೆಗೆ ಮನವಿ
ಬಳ್ಳಾರಿ,ಮೇ 08 : ತೋರಣಗಲ್ಲು ಪಟ್ಟಣದ ನಿವಾಸಿಯಾದ ಸಂತೋಷ ಕುಮಾರ್ ಎನ್ನುವ 40 ವರ್ಷದ ವ್ಯಕ್ತಿಯು ಏ.25 ರಂದು ಕಾಣೆಯಾಗಿದ್ದು, ಈ ಕುರಿತು ತೋರಣಗಲ್ಲು ಪೊಲೀಸ್ ಠಾಣೆಯಲ್ಲಿ ಪ್ರಕರಣ ದಾಖಲಾಗಿದ್ದು, ಪತ್ತೆಗೆ ಸಹಕರಿಸಬೇಕು ಎಂದು ಠಾಣೆಯ ಸಬ್ ಇನ್ಸ್ಪೆಕ್ಟರ್ ಅವರು ಮನವಿ ಮಾಡಿದ್ದಾರೆ. ಚಹರೆ ಗುರುತು: ಅಂದಾಜು 5.3 ಅಡಿ ಎತ್ತರ, ಸಾಧಾರಣ ಗೋಧಿ ಮೈಬಣ್ಣ, ದುಂಡು ಮುಖ ಹೊಂದಿದ್ದಾನೆ. ಕಾಣೆಯಾದ ಸಂದರ್ಭದಲ್ಲಿ ಬಿಳಿ ಬಣ್ಣದ ಅಂಗಿ ಮತ್ತು ಕಪ್ಪು ಬಣ್ಣದ ಪ್ಯಾಂಟ್ ಧರಿಸಿದ್ದಾನೆ. ಕನ್ನಡ, ಇಂಗ್ಲೀಷ್, ಹಿಂದಿ ಭಾಷೆ ಮಾತನಾಡುತ್ತಾನೆ. ಈ ವ್ಯಕ್ತಿಯ ಬಗ್ಗೆ ಮಾಹಿತಿ ಸಿಕ್ಕಲ್ಲಿ ಬಳ್ಳಾರಿ ಪೊಲೀಸ್ ಕಂಟ್ರೋಲ್ ರೂಂ ದೂ.08392-258100 ಅಥವಾ ಸಿ.ಪಿ.ಐ ದೂ.08392-258300, ತೋರಣಗಲ್ಲು ಪೊಲೀಸ್ ಠಾಣೆಯ ಪಿ.ಎಸ್.ಐ ಮೊ.9480803106 ಗೆ ಸಂಪರ್ಕಿಸಬಹುದು ಎಂದು ಪ್ರಕಟಣೆಯಲ್ಲಿ ತಿಳಿಸಿದ್ದಾರೆ.
C	M	Y	K
